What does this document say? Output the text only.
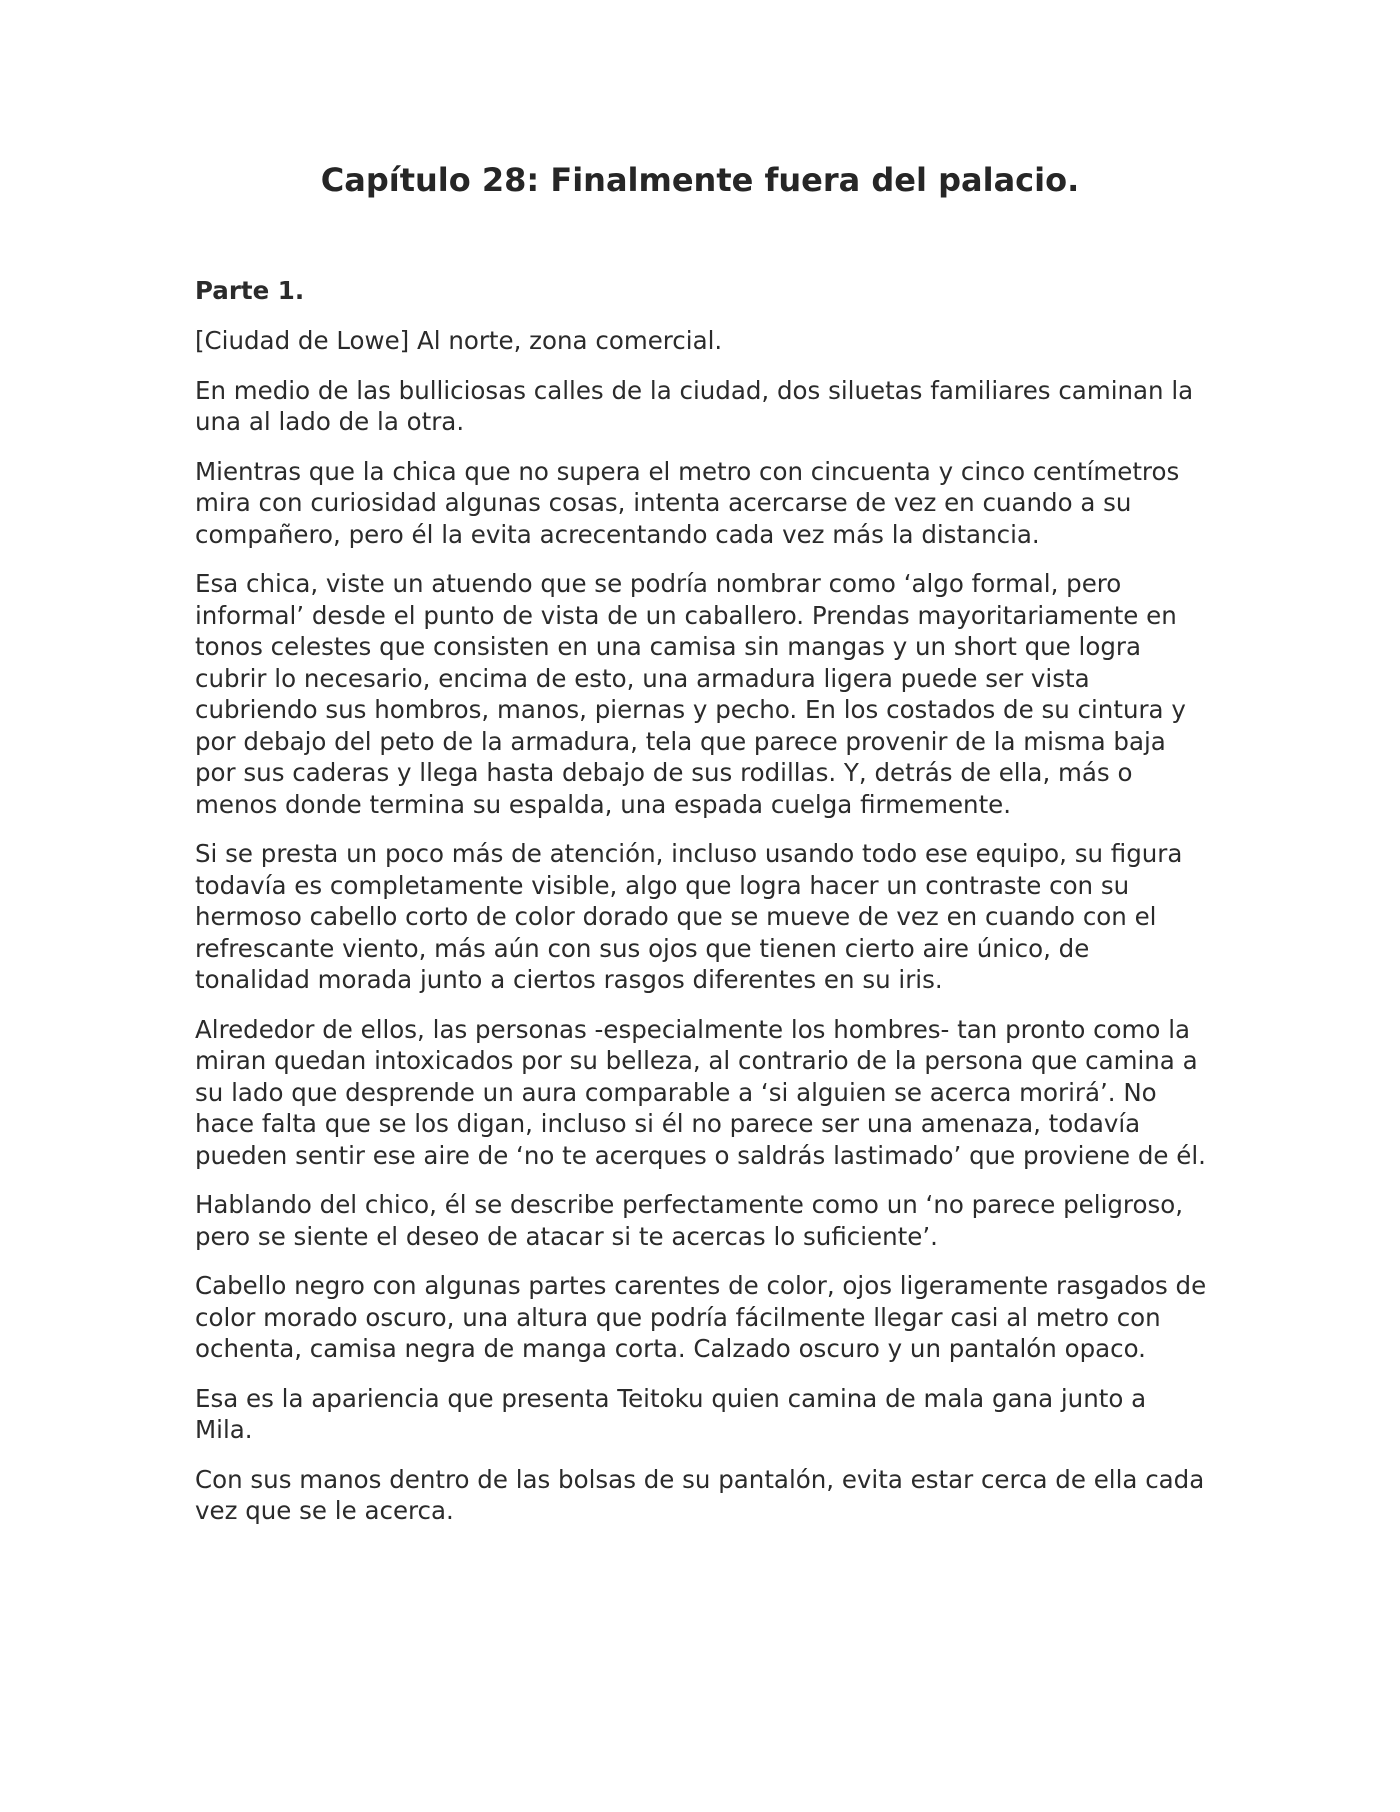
Capítulo 28: Finalmente fuera del palacio.
Parte 1.

[Ciudad de Lowe] Al norte, zona comercial.

En medio de las bulliciosas calles de la ciudad, dos siluetas familiares caminan la una al lado de la otra.

Mientras que la chica que no supera el metro con cincuenta y cinco centímetros mira con curiosidad algunas cosas, intenta acercarse de vez en cuando a su compañero, pero él la evita acrecentando cada vez más la distancia.

Esa chica, viste un atuendo que se podría nombrar como ‘algo formal, pero informal’ desde el punto de vista de un caballero. Prendas mayoritariamente en tonos celestes que consisten en una camisa sin mangas y un short que logra cubrir lo necesario, encima de esto, una armadura ligera puede ser vista cubriendo sus hombros, manos, piernas y pecho. En los costados de su cintura y por debajo del peto de la armadura, tela que parece provenir de la misma baja por sus caderas y llega hasta debajo de sus rodillas. Y, detrás de ella, más o menos donde termina su espalda, una espada cuelga firmemente.

Si se presta un poco más de atención, incluso usando todo ese equipo, su figura todavía es completamente visible, algo que logra hacer un contraste con su hermoso cabello corto de color dorado que se mueve de vez en cuando con el refrescante viento, más aún con sus ojos que tienen cierto aire único, de tonalidad morada junto a ciertos rasgos diferentes en su iris.

Alrededor de ellos, las personas -especialmente los hombres- tan pronto como la miran quedan intoxicados por su belleza, al contrario de la persona que camina a su lado que desprende un aura comparable a ‘si alguien se acerca morirá’. No hace falta que se los digan, incluso si él no parece ser una amenaza, todavía pueden sentir ese aire de ‘no te acerques o saldrás lastimado’ que proviene de él.

Hablando del chico, él se describe perfectamente como un ‘no parece peligroso, pero se siente el deseo de atacar si te acercas lo suficiente’.

Cabello negro con algunas partes carentes de color, ojos ligeramente rasgados de color morado oscuro, una altura que podría fácilmente llegar casi al metro con ochenta, camisa negra de manga corta. Calzado oscuro y un pantalón opaco.

Esa es la apariencia que presenta Teitoku quien camina de mala gana junto a Mila.

Con sus manos dentro de las bolsas de su pantalón, evita estar cerca de ella cada vez que se le acerca.
